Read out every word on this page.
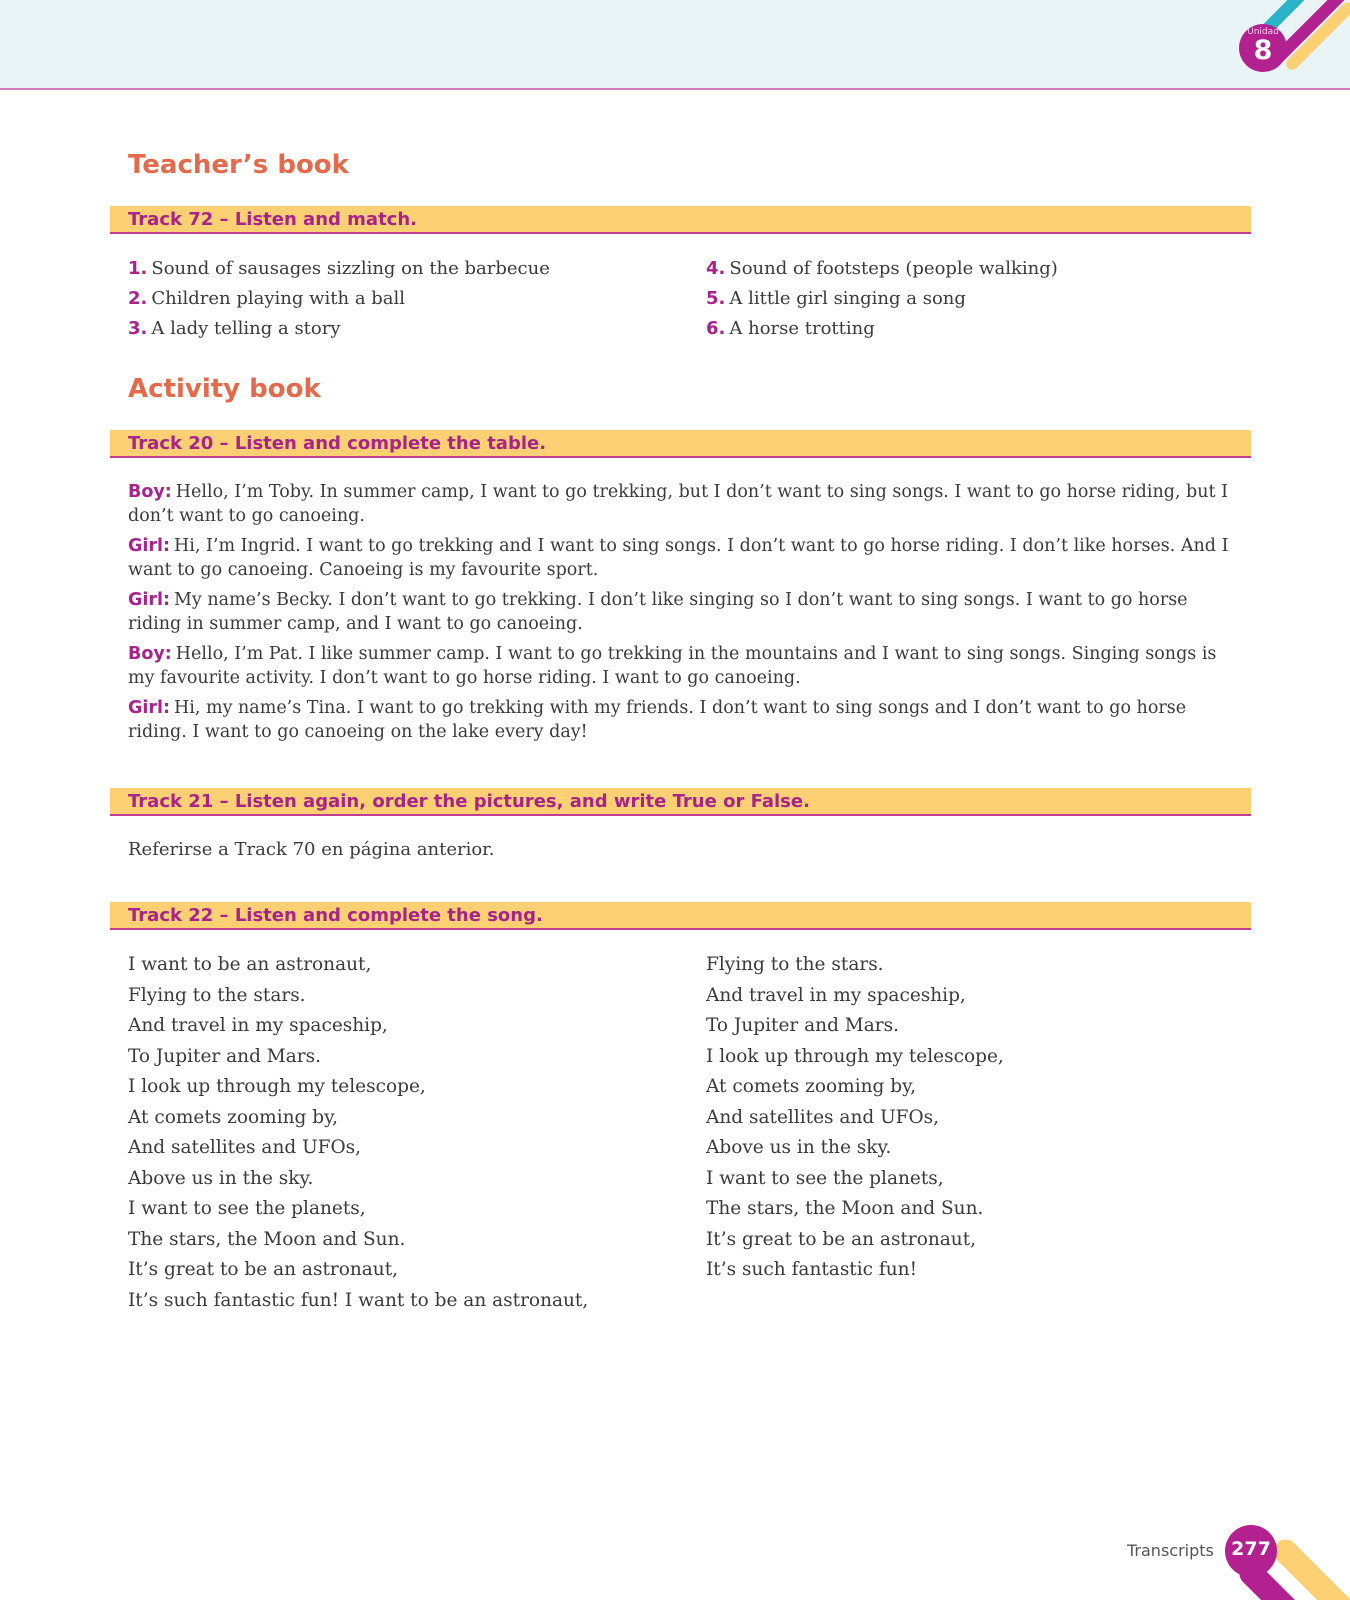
Unidad
8
Teacher’s book
Track 72 – Listen and match.
1. Sound of sausages sizzling on the barbecue
2. Children playing with a ball
3. A lady telling a story
4. Sound of footsteps (people walking)
5. A little girl singing a song
6. A horse trotting
Activity book
Track 20 – Listen and complete the table.

Boy: Hello, I’m Toby. In summer camp, I want to go trekking, but I don’t want to sing songs. I want to go horse riding, but I don’t want to go canoeing.

Girl: Hi, I’m Ingrid. I want to go trekking and I want to sing songs. I don’t want to go horse riding. I don’t like horses. And I want to go canoeing. Canoeing is my favourite sport.

Girl: My name’s Becky. I don’t want to go trekking. I don’t like singing so I don’t want to sing songs. I want to go horse riding in summer camp, and I want to go canoeing.

Boy: Hello, I’m Pat. I like summer camp. I want to go trekking in the mountains and I want to sing songs. Singing songs is my favourite activity. I don’t want to go horse riding. I want to go canoeing.

Girl: Hi, my name’s Tina. I want to go trekking with my friends. I don’t want to sing songs and I don’t want to go horse riding. I want to go canoeing on the lake every day!

Track 21 – Listen again, order the pictures, and write True or False.
Referirse a Track 70 en página anterior.
Track 22 – Listen and complete the song.
I want to be an astronaut,
Flying to the stars.
And travel in my spaceship,
To Jupiter and Mars.
I look up through my telescope,
At comets zooming by,
And satellites and UFOs,
Above us in the sky.
I want to see the planets,
The stars, the Moon and Sun.
It’s great to be an astronaut,
It’s such fantastic fun! I want to be an astronaut,
Flying to the stars.
And travel in my spaceship,
To Jupiter and Mars.
I look up through my telescope,
At comets zooming by,
And satellites and UFOs,
Above us in the sky.
I want to see the planets,
The stars, the Moon and Sun.
It’s great to be an astronaut,
It’s such fantastic fun!
Transcripts 277
